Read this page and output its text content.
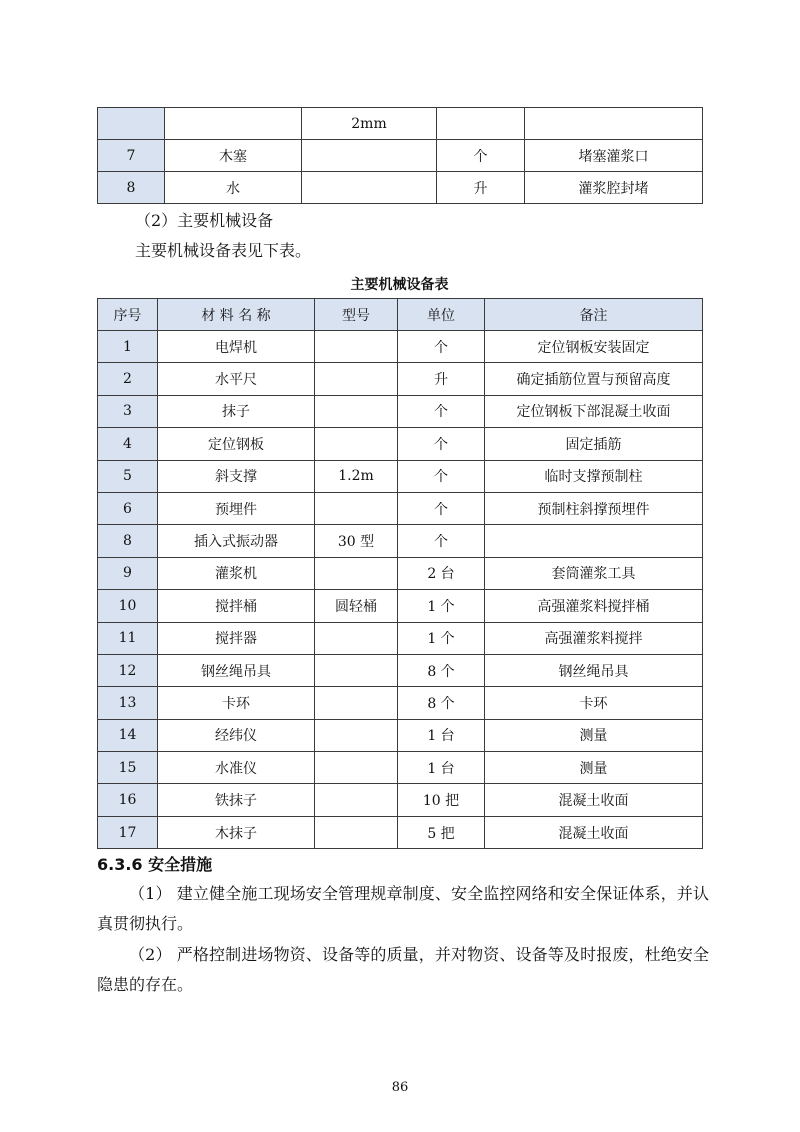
		2mm		
7	木塞		个	堵塞灌浆口
8	水		升	灌浆腔封堵
（2）主要机械设备
主要机械设备表见下表。
主要机械设备表
序号	材 料 名 称	型号	单位	备注
1	电焊机		个	定位钢板安装固定
2	水平尺		升	确定插筋位置与预留高度
3	抹子		个	定位钢板下部混凝土收面
4	定位钢板		个	固定插筋
5	斜支撑	1.2m	个	临时支撑预制柱
6	预埋件		个	预制柱斜撑预埋件
8	插入式振动器	30 型	个	
9	灌浆机		2 台	套筒灌浆工具
10	搅拌桶	圆轻桶	1 个	高强灌浆料搅拌桶
11	搅拌器		1 个	高强灌浆料搅拌
12	钢丝绳吊具		8 个	钢丝绳吊具
13	卡环		8 个	卡环
14	经纬仪		1 台	测量
15	水准仪		1 台	测量
16	铁抹子		10 把	混凝土收面
17	木抹子		5 把	混凝土收面
6.3.6 安全措施
（1） 建立健全施工现场安全管理规章制度、安全监控网络和安全保证体系，并认真贯彻执行。
（2） 严格控制进场物资、设备等的质量，并对物资、设备等及时报废，杜绝安全隐患的存在。
86
